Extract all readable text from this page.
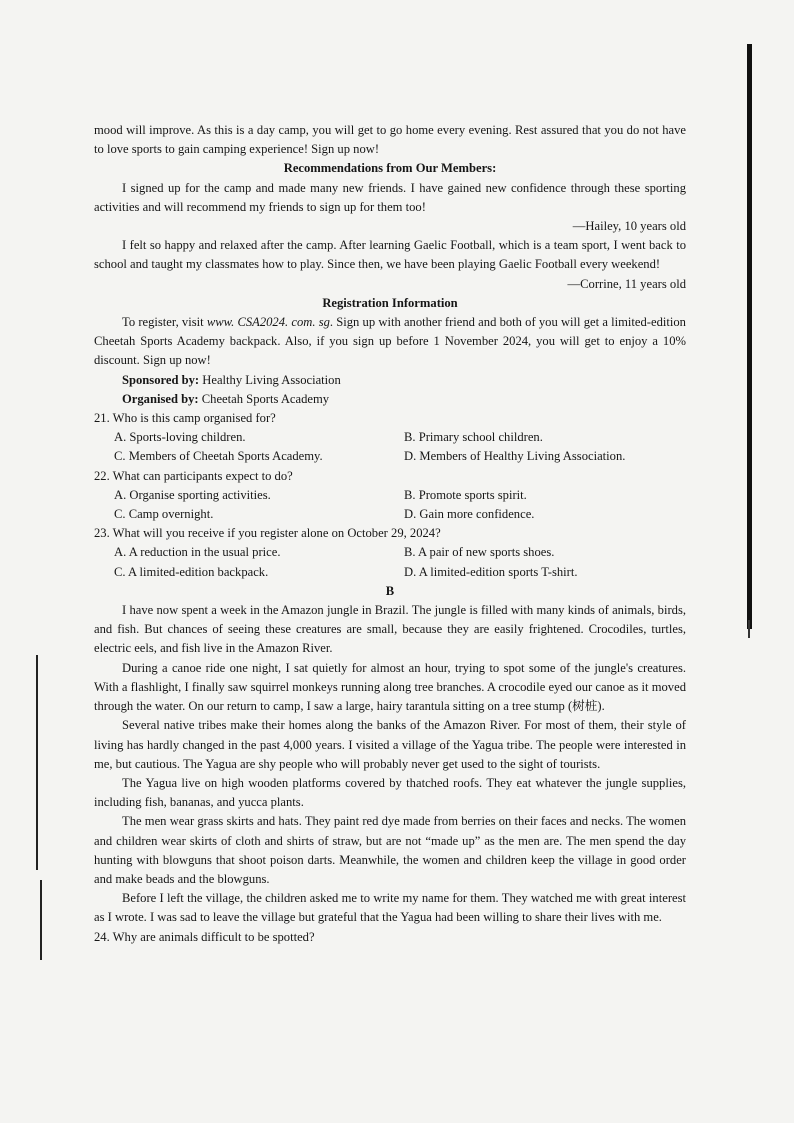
mood will improve. As this is a day camp, you will get to go home every evening. Rest assured that you do not have to love sports to gain camping experience! Sign up now!

Recommendations from Our Members:

I signed up for the camp and made many new friends. I have gained new confidence through these sporting activities and will recommend my friends to sign up for them too!

—Hailey, 10 years old

I felt so happy and relaxed after the camp. After learning Gaelic Football, which is a team sport, I went back to school and taught my classmates how to play. Since then, we have been playing Gaelic Football every weekend!

—Corrine, 11 years old

Registration Information

To register, visit www. CSA2024. com. sg. Sign up with another friend and both of you will get a limited-edition Cheetah Sports Academy backpack. Also, if you sign up before 1 November 2024, you will get to enjoy a 10% discount. Sign up now!

Sponsored by: Healthy Living Association

Organised by: Cheetah Sports Academy

21. Who is this camp organised for?

A. Sports-loving children.	B. Primary school children.
C. Members of Cheetah Sports Academy.	D. Members of Healthy Living Association.

22. What can participants expect to do?

A. Organise sporting activities.	B. Promote sports spirit.
C. Camp overnight.	D. Gain more confidence.

23. What will you receive if you register alone on October 29, 2024?

A. A reduction in the usual price.	B. A pair of new sports shoes.
C. A limited-edition backpack.	D. A limited-edition sports T-shirt.

B

I have now spent a week in the Amazon jungle in Brazil. The jungle is filled with many kinds of animals, birds, and fish. But chances of seeing these creatures are small, because they are easily frightened. Crocodiles, turtles, electric eels, and fish live in the Amazon River.

During a canoe ride one night, I sat quietly for almost an hour, trying to spot some of the jungle's creatures. With a flashlight, I finally saw squirrel monkeys running along tree branches. A crocodile eyed our canoe as it moved through the water. On our return to camp, I saw a large, hairy tarantula sitting on a tree stump (树桩).

Several native tribes make their homes along the banks of the Amazon River. For most of them, their style of living has hardly changed in the past 4,000 years. I visited a village of the Yagua tribe. The people were interested in me, but cautious. The Yagua are shy people who will probably never get used to the sight of tourists.

The Yagua live on high wooden platforms covered by thatched roofs. They eat whatever the jungle supplies, including fish, bananas, and yucca plants.

The men wear grass skirts and hats. They paint red dye made from berries on their faces and necks. The women and children wear skirts of cloth and shirts of straw, but are not “made up” as the men are. The men spend the day hunting with blowguns that shoot poison darts. Meanwhile, the women and children keep the village in good order and make beads and the blowguns.

Before I left the village, the children asked me to write my name for them. They watched me with great interest as I wrote. I was sad to leave the village but grateful that the Yagua had been willing to share their lives with me.

24. Why are animals difficult to be spotted?
